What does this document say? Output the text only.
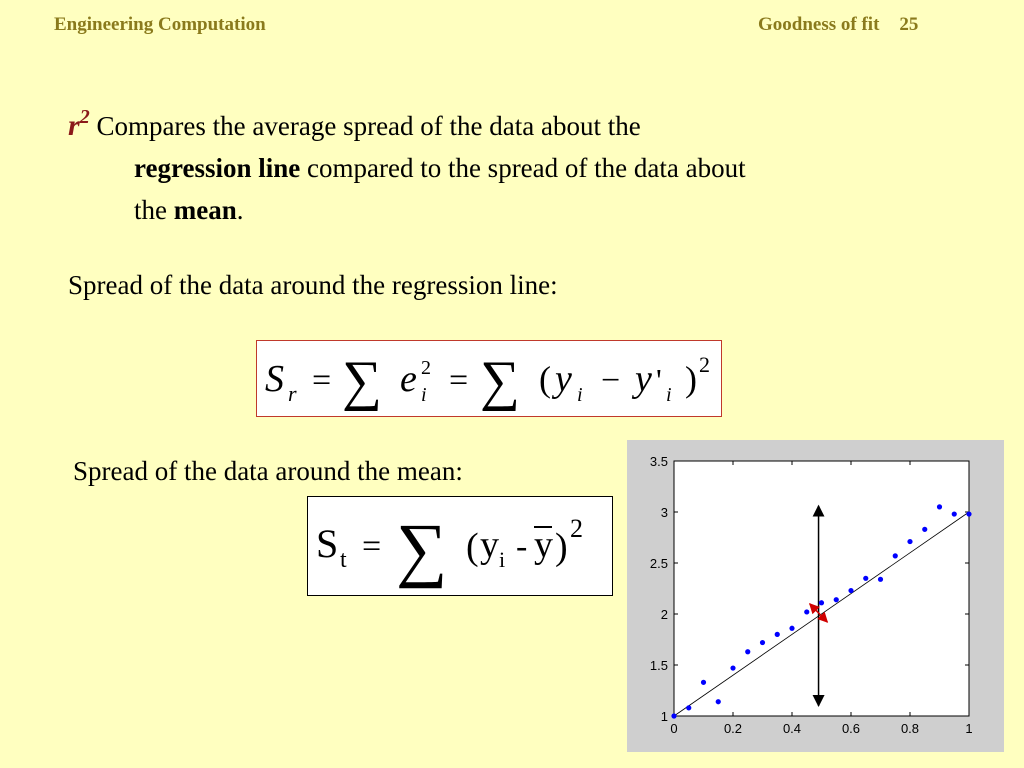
Engineering Computation	Goodness of fit 25
$r^2$ Compares the average spread of the data about the
regression line compared to the spread of the data about
the mean.
Spread of the data around the regression line:
S r = ∑ e 2
i = ∑ ( y i − y ' i ) 2
Spread of the data around the mean:
S t = ∑ ( y i - y ) 2
1
1.5
2
2.5
3
3.5
0	0.2	0.4	0.6	0.8	1
